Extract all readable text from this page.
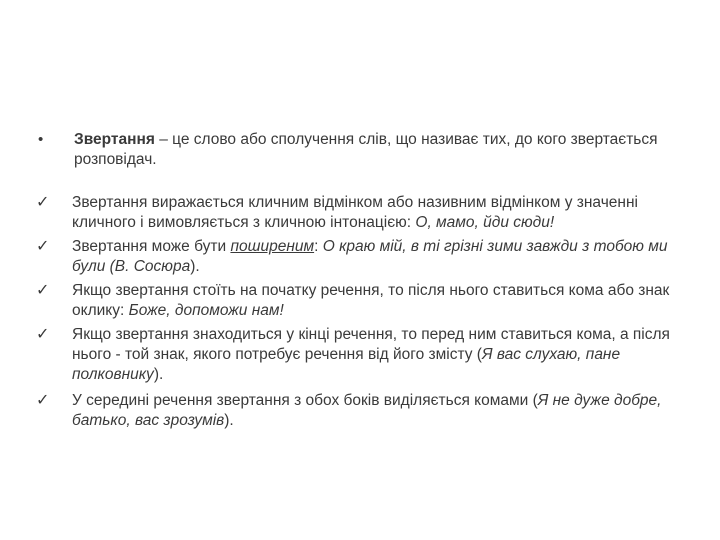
•	Звертання – це слово або сполучення слів, що називає тих, до кого звертається розповідач.
✓	Звертання виражається кличним відмінком або називним відмінком у значенні кличного і вимовляється з кличною інтонацією: О, мамо, йди сюди!
✓	Звертання може бути поширеним: О краю мій, в ті грізні зими завжди з тобою ми були (В. Сосюра).
✓	Якщо звертання стоїть на початку речення, то після нього ставиться кома або знак оклику: Боже, допоможи нам!
✓	Якщо звертання знаходиться у кінці речення, то перед ним ставиться кома, а після нього - той знак, якого потребує речення від його змісту (Я вас слухаю, пане полковнику).
✓	У середині речення звертання з обох боків виділяється комами (Я не дуже добре, батько, вас зрозумів).
